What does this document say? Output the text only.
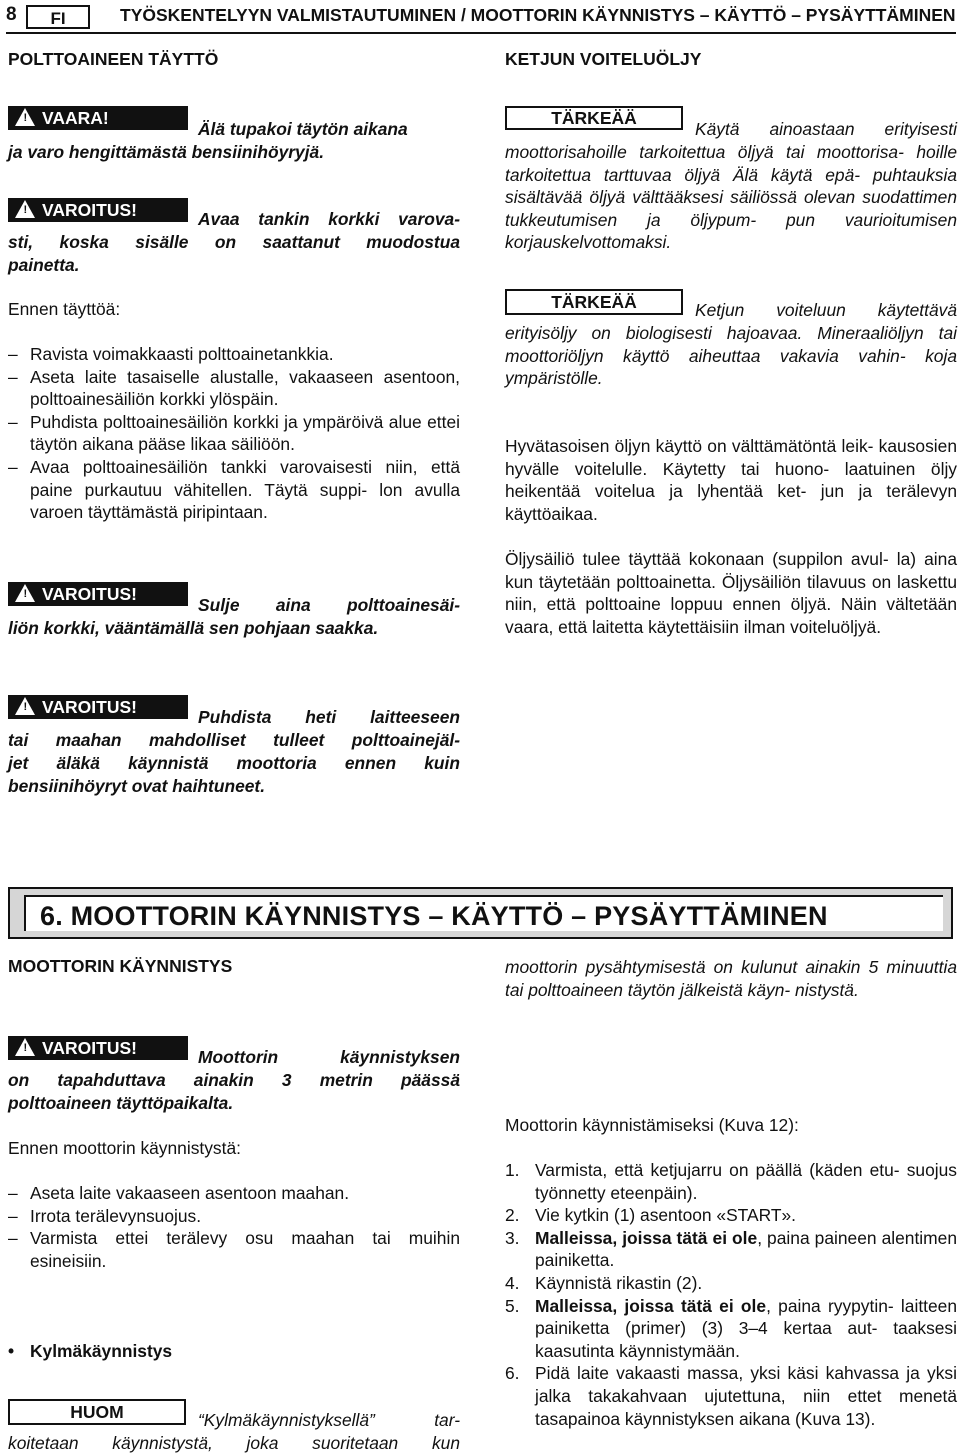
8	FI	TYÖSKENTELYYN VALMISTAUTUMINEN / MOOTTORIN KÄYNNISTYS – KÄYTTÖ – PYSÄYTTÄMINEN
POLTTOAINEEN TÄYTTÖ
! VAARA!
Älä tupakoi täytön aikana
ja varo hengittämästä bensiinihöyryjä.
! VAROITUS!	Avaa tankin korkki varova-
sti, koska sisälle on saattanut muodostua
painetta.
Ennen täyttöä:
– Ravista voimakkaasti polttoainetankkia.
– Aseta laite tasaiselle alustalle, vakaaseen asentoon, polttoainesäiliön korkki ylöspäin.
– Puhdista polttoainesäiliön korkki ja ympäröivä alue ettei täytön aikana pääse likaa säiliöön.
– Avaa polttoainesäiliön tankki varovaisesti niin, että paine purkautuu vähitellen. Täytä suppi- lon avulla varoen täyttämästä piripintaan.
! VAROITUS!
Sulje aina polttoainesäi-
liön korkki, vääntämällä sen pohjaan saakka.
! VAROITUS!	Puhdista heti laitteeseen
tai maahan mahdolliset tulleet polttoainejäl-
jet äläkä käynnistä moottoria ennen kuin
bensiinihöyryt ovat haihtuneet.
KETJUN VOITELUÖLJY
TÄRKEÄÄ
Käytä ainoastaan erityisesti
moottorisahoille tarkoitettua öljyä tai moottorisa- hoille tarkoitettua tarttuvaa öljyä Älä käytä epä- puhtauksia sisältävää öljyä välttääksesi säiliössä olevan suodattimen tukkeutumisen ja öljypum- pun vaurioitumisen korjauskelvottomaksi.
TÄRKEÄÄ	Ketjun voiteluun käytettävä
erityisöljy on biologisesti hajoavaa. Mineraaliöljyn tai moottoriöljyn käyttö aiheuttaa vakavia vahin- koja ympäristölle.
Hyvätasoisen öljyn käyttö on välttämätöntä leik- kausosien hyvälle voitelulle. Käytetty tai huono- laatuinen öljy heikentää voitelua ja lyhentää ket- jun ja terälevyn käyttöaikaa.
Öljysäiliö tulee täyttää kokonaan (suppilon avul- la) aina kun täytetään polttoainetta. Öljysäiliön tilavuus on laskettu niin, että polttoaine loppuu ennen öljyä. Näin vältetään vaara, että laitetta käytettäisiin ilman voiteluöljyä.
6. MOOTTORIN KÄYNNISTYS – KÄYTTÖ – PYSÄYTTÄMINEN
MOOTTORIN KÄYNNISTYS
! VAROITUS!	Moottorin käynnistyksen
on tapahduttava ainakin 3 metrin päässä
polttoaineen täyttöpaikalta.
Ennen moottorin käynnistystä:
– Aseta laite vakaaseen asentoon maahan.
– Irrota terälevynsuojus.
– Varmista ettei terälevy osu maahan tai muihin esineisiin.
• Kylmäkäynnistys
HUOM	“Kylmäkäynnistyksellä” tar-
koitetaan käynnistystä, joka suoritetaan kun
moottorin pysähtymisestä on kulunut ainakin 5 minuuttia tai polttoaineen täytön jälkeistä käyn- nistystä.
Moottorin käynnistämiseksi (Kuva 12):
1. Varmista, että ketjujarru on päällä (käden etu- suojus työnnetty eteenpäin).
2. Vie kytkin (1) asentoon «START».
3. Malleissa, joissa tätä ei ole, paina paineen alentimen painiketta.
4. Käynnistä rikastin (2).
5. Malleissa, joissa tätä ei ole, paina ryypytin- laitteen painiketta (primer) (3) 3–4 kertaa aut- taaksesi kaasutinta käynnistymään.
6. Pidä laite vakaasti massa, yksi käsi kahvassa ja yksi jalka takakahvaan ujutettuna, niin ettet menetä tasapainoa käynnistyksen aikana (Kuva 13).
